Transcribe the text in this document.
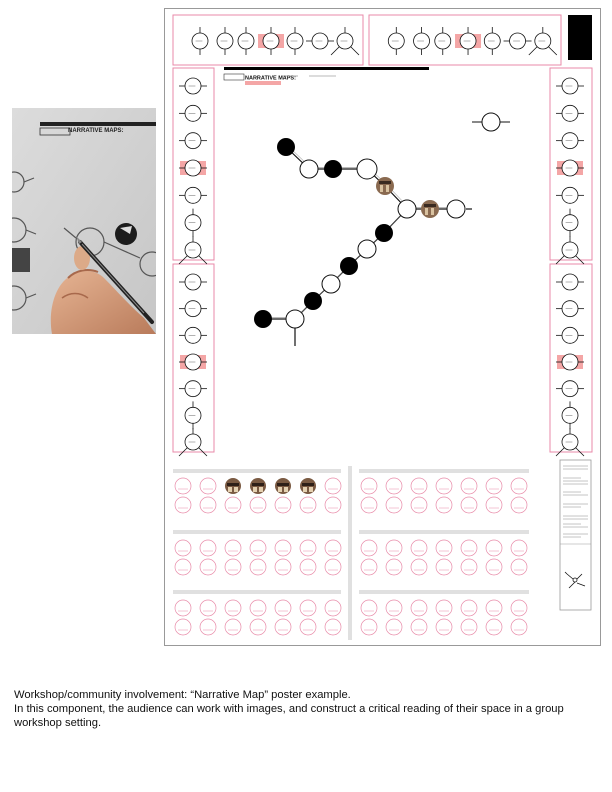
NARRATIVE MAPS:
NARRATIVE MAPS:

Workshop/community involvement: “Narrative Map” poster example.

In this component, the audience can work with images, and construct a critical reading of their space in a group workshop setting.
